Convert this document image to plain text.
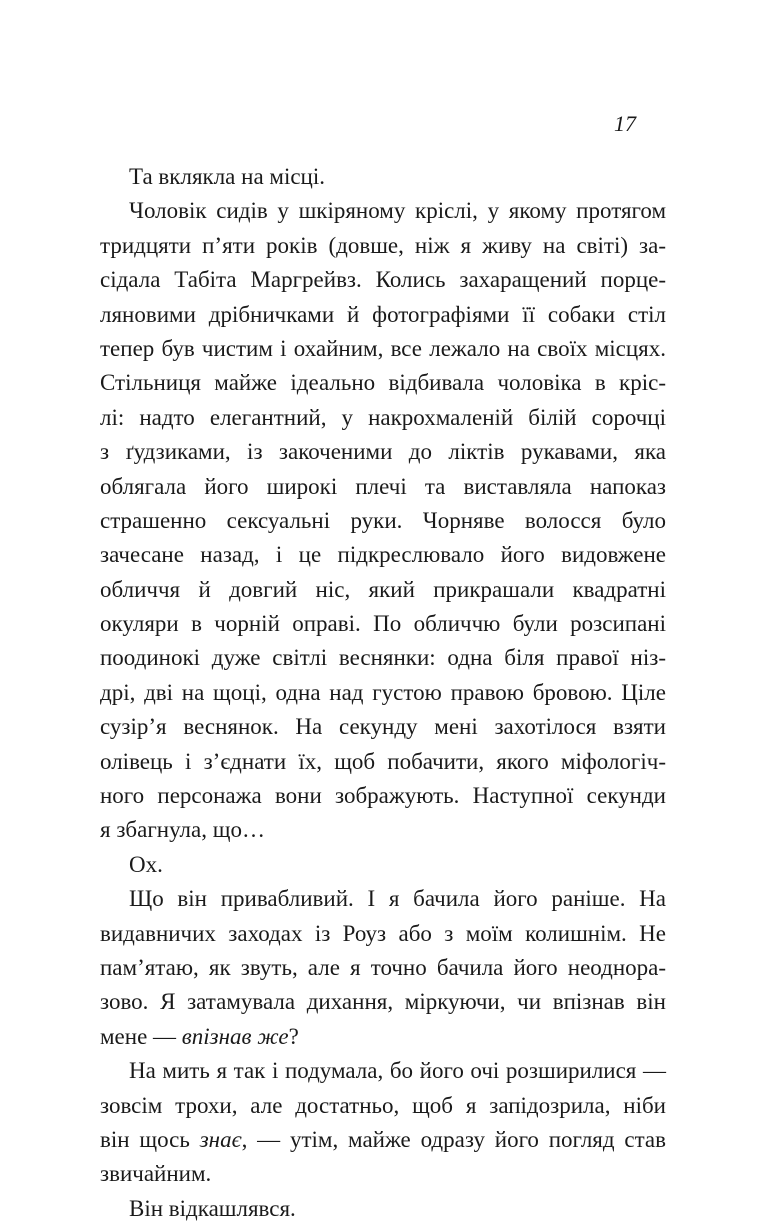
17
Та вклякла на місці.
Чоловік сидів у шкіряному кріслі, у якому протягом
тридцяти п’яти років (довше, ніж я живу на світі) за-
сідала Табіта Маргрейвз. Колись захаращений порце-
ляновими дрібничками й фотографіями її собаки стіл
тепер був чистим і охайним, все лежало на своїх місцях.
Стільниця майже ідеально відбивала чоловіка в кріс-
лі: надто елегантний, у накрохмаленій білій сорочці
з ґудзиками, із закоченими до ліктів рукавами, яка
облягала його широкі плечі та виставляла напоказ
страшенно сексуальні руки. Чорняве волосся було
зачесане назад, і це підкреслювало його видовжене
обличчя й довгий ніс, який прикрашали квадратні
окуляри в чорній оправі. По обличчю були розсипані
поодинокі дуже світлі веснянки: одна біля правої ніз-
дрі, дві на щоці, одна над густою правою бровою. Ціле
сузір’я веснянок. На секунду мені захотілося взяти
олівець і з’єднати їх, щоб побачити, якого міфологіч-
ного персонажа вони зображують. Наступної секунди
я збагнула, що…
Ох.
Що він привабливий. І я бачила його раніше. На
видавничих заходах із Роуз або з моїм колишнім. Не
пам’ятаю, як звуть, але я точно бачила його неоднора-
зово. Я затамувала дихання, міркуючи, чи впізнав він
мене — впізнав же?
На мить я так і подумала, бо його очі розширилися —
зовсім трохи, але достатньо, щоб я запідозрила, ніби
він щось знає, — утім, майже одразу його погляд став
звичайним.
Він відкашлявся.
